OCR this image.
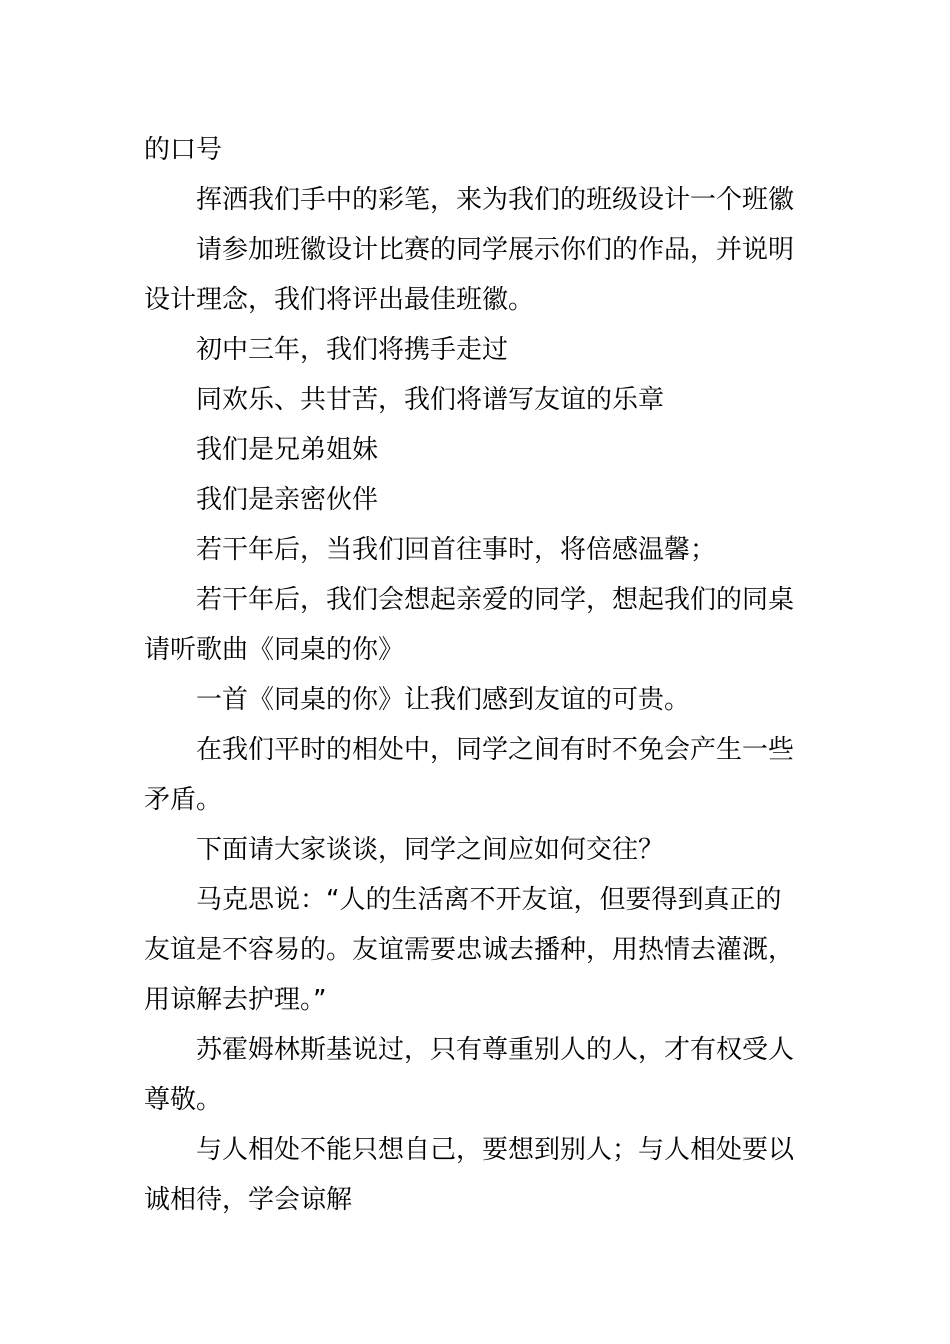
的口号
挥洒我们手中的彩笔，来为我们的班级设计一个班徽
请参加班徽设计比赛的同学展示你们的作品，并说明
设计理念，我们将评出最佳班徽。
初中三年，我们将携手走过
同欢乐、共甘苦，我们将谱写友谊的乐章
我们是兄弟姐妹
我们是亲密伙伴
若干年后，当我们回首往事时，将倍感温馨；
若干年后，我们会想起亲爱的同学，想起我们的同桌
请听歌曲《同桌的你》
一首《同桌的你》让我们感到友谊的可贵。
在我们平时的相处中，同学之间有时不免会产生一些
矛盾。
下面请大家谈谈，同学之间应如何交往？
马克思说：“人的生活离不开友谊，但要得到真正的
友谊是不容易的。友谊需要忠诚去播种，用热情去灌溉，
用谅解去护理。”
苏霍姆林斯基说过，只有尊重别人的人，才有权受人
尊敬。
与人相处不能只想自己，要想到别人；与人相处要以
诚相待，学会谅解
